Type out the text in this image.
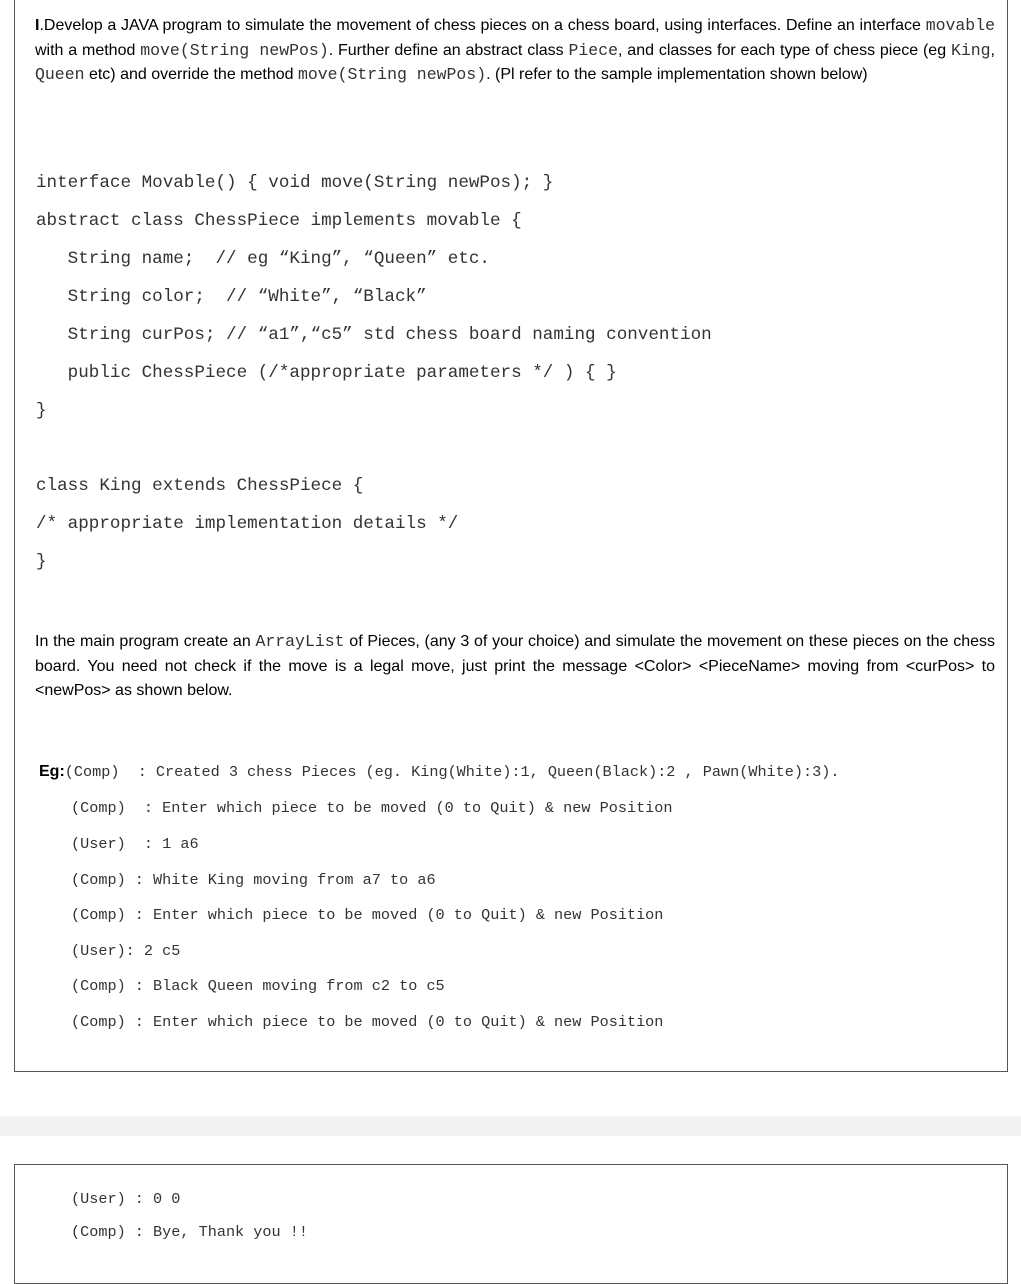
I.Develop a JAVA program to simulate the movement of chess pieces on a chess board, using interfaces. Define an interface movable with a method move(String newPos). Further define an abstract class Piece, and classes for each type of chess piece (eg King, Queen etc) and override the method move(String newPos). (Pl refer to the sample implementation shown below)
interface Movable() { void move(String newPos); }
abstract class ChessPiece implements movable {
String name;  // eg “King”, “Queen” etc.
String color;  // “White”, “Black”
String curPos; // “a1”,“c5” std chess board naming convention
public ChessPiece (/*appropriate parameters */ ) { }
}
class King extends ChessPiece {
/* appropriate implementation details */
}
In the main program create an ArrayList of Pieces, (any 3 of your choice) and simulate the movement on these pieces on the chess board. You need not check if the move is a legal move, just print the message <Color> <PieceName> moving from <curPos> to <newPos> as shown below.
Eg:(Comp)  : Created 3 chess Pieces (eg. King(White):1, Queen(Black):2 , Pawn(White):3).
(Comp)  : Enter which piece to be moved (0 to Quit) & new Position
(User)  : 1 a6
(Comp) : White King moving from a7 to a6
(Comp) : Enter which piece to be moved (0 to Quit) & new Position
(User): 2 c5
(Comp) : Black Queen moving from c2 to c5
(Comp) : Enter which piece to be moved (0 to Quit) & new Position
(User) : 0 0
(Comp) : Bye, Thank you !!
